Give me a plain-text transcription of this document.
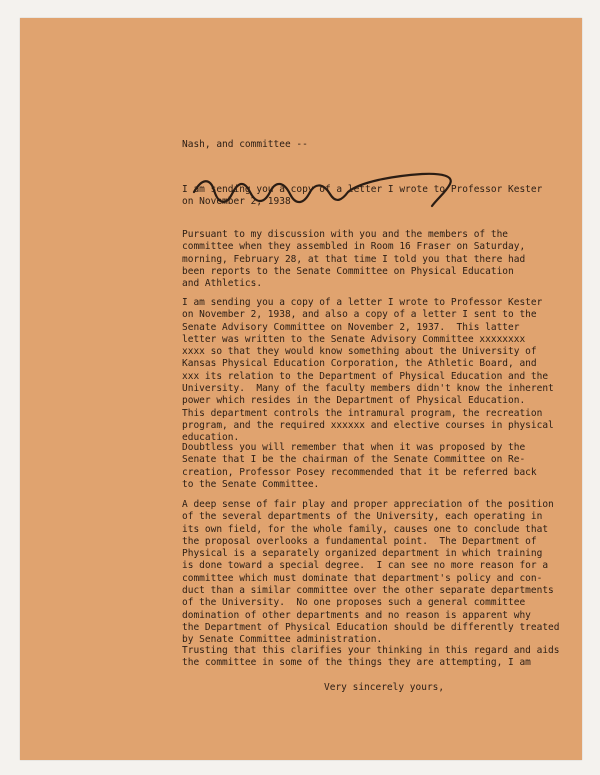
Nash, and committee --
I am sending you a copy of a letter I wrote to Professor Kester
on November 2, 1938
Pursuant to my discussion with you and the members of the
committee when they assembled in Room 16 Fraser on Saturday,
morning, February 28, at that time I told you that there had
been reports to the Senate Committee on Physical Education
and Athletics.
I am sending you a copy of a letter I wrote to Professor Kester
on November 2, 1938, and also a copy of a letter I sent to the
Senate Advisory Committee on November 2, 1937.  This latter
letter was written to the Senate Advisory Committee xxxxxxxx
xxxx so that they would know something about the University of
Kansas Physical Education Corporation, the Athletic Board, and
xxx its relation to the Department of Physical Education and the
University.  Many of the faculty members didn't know the inherent
power which resides in the Department of Physical Education.
This department controls the intramural program, the recreation
program, and the required xxxxxx and elective courses in physical
education.
Doubtless you will remember that when it was proposed by the
Senate that I be the chairman of the Senate Committee on Re-
creation, Professor Posey recommended that it be referred back
to the Senate Committee.
A deep sense of fair play and proper appreciation of the position
of the several departments of the University, each operating in
its own field, for the whole family, causes one to conclude that
the proposal overlooks a fundamental point.  The Department of
Physical is a separately organized department in which training
is done toward a special degree.  I can see no more reason for a
committee which must dominate that department's policy and con-
duct than a similar committee over the other separate departments
of the University.  No one proposes such a general committee
domination of other departments and no reason is apparent why
the Department of Physical Education should be differently treated
by Senate Committee administration.
Trusting that this clarifies your thinking in this regard and aids
the committee in some of the things they are attempting, I am
Very sincerely yours,
